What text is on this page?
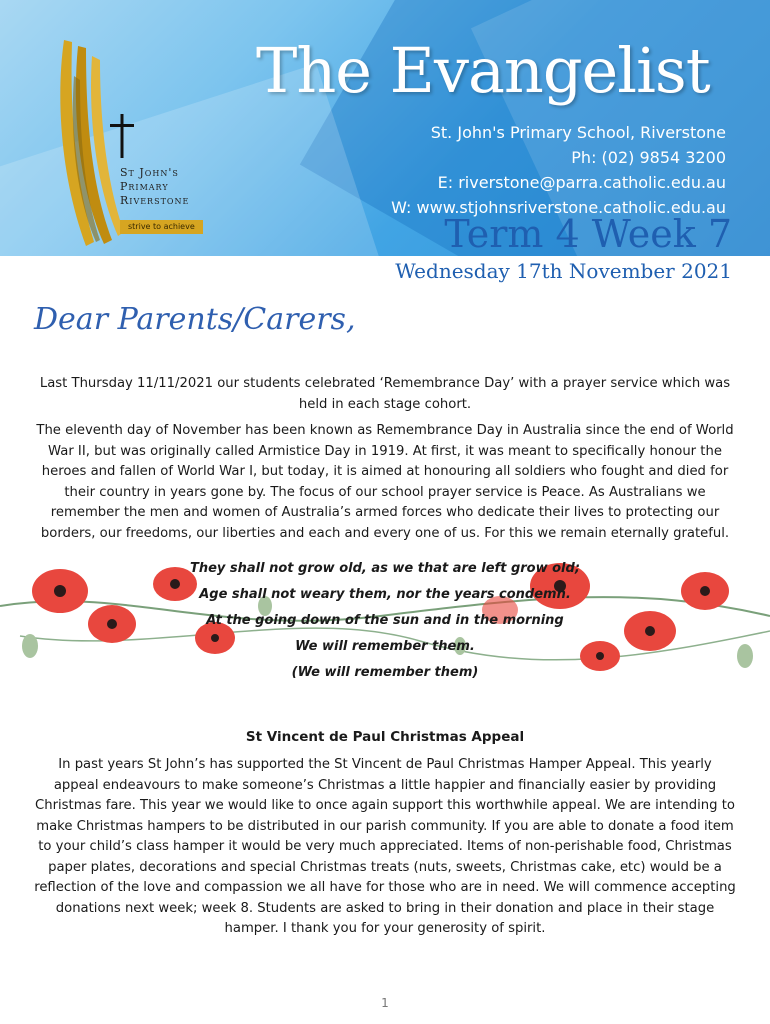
St John's
Primary
Riverstone
strive to achieve
The Evangelist
St. John's Primary School, Riverstone
Ph: (02) 9854 3200
E: riverstone@parra.catholic.edu.au
W: www.stjohnsriverstone.catholic.edu.au
Term 4 Week 7
Wednesday 17th November 2021
Dear Parents/Carers,

Last Thursday 11/11/2021 our students celebrated ‘Remembrance Day’ with a prayer service which was held in each stage cohort.

The eleventh day of November has been known as Remembrance Day in Australia since the end of World War II, but was originally called Armistice Day in 1919. At first, it was meant to specifically honour the heroes and fallen of World War I, but today, it is aimed at honouring all soldiers who fought and died for their country in years gone by. The focus of our school prayer service is Peace. As Australians we remember the men and women of Australia’s armed forces who dedicate their lives to protecting our borders, our freedoms, our liberties and each and every one of us. For this we remain eternally grateful.

They shall not grow old, as we that are left grow old;
Age shall not weary them, nor the years condemn.
At the going down of the sun and in the morning
We will remember them.
(We will remember them)
St Vincent de Paul Christmas Appeal

In past years St John’s has supported the St Vincent de Paul Christmas Hamper Appeal. This yearly appeal endeavours to make someone’s Christmas a little happier and financially easier by providing Christmas fare. This year we would like to once again support this worthwhile appeal. We are intending to make Christmas hampers to be distributed in our parish community. If you are able to donate a food item to your child’s class hamper it would be very much appreciated. Items of non-perishable food, Christmas paper plates, decorations and special Christmas treats (nuts, sweets, Christmas cake, etc) would be a reflection of the love and compassion we all have for those who are in need. We will commence accepting donations next week; week 8. Students are asked to bring in their donation and place in their stage hamper. I thank you for your generosity of spirit.

1
